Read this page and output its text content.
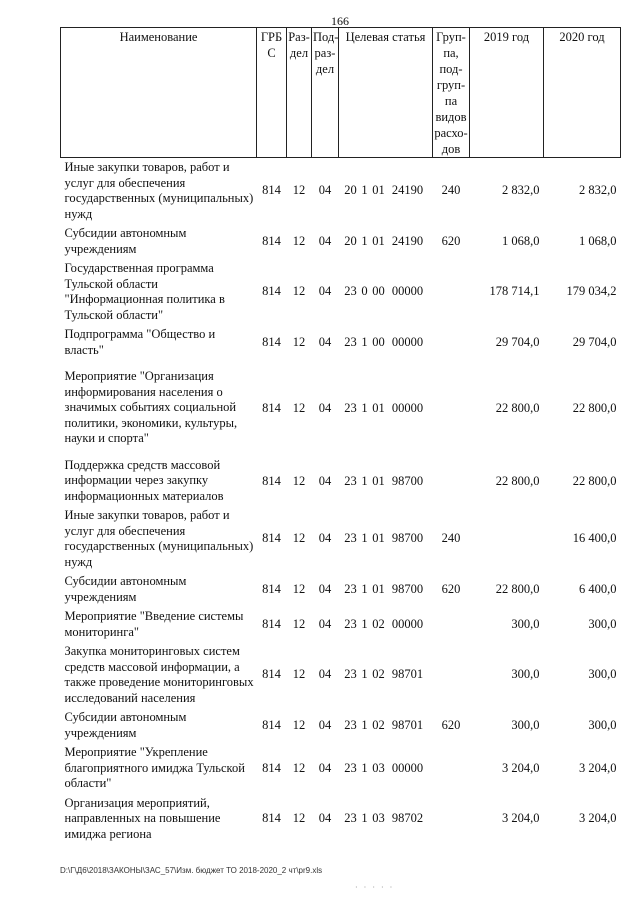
166
Наименование	ГРБ С	Раз-дел	Под-раз-дел	Целевая статья	Груп-па, под-груп-па видов расхо-дов	2019 год	2020 год
Иные закупки товаров, работ и услуг для обеспечения государственных (муниципальных) нужд	814	12	04	20 1 01 24190	240	2 832,0	2 832,0
Субсидии автономным учреждениям	814	12	04	20 1 01 24190	620	1 068,0	1 068,0
Государственная программа Тульской области "Информационная политика в Тульской области"	814	12	04	23 0 00 00000		178 714,1	179 034,2
Подпрограмма "Общество и власть"	814	12	04	23 1 00 00000		29 704,0	29 704,0
Мероприятие "Организация информирования населения о значимых событиях социальной политики, экономики, культуры, науки и спорта"	814	12	04	23 1 01 00000		22 800,0	22 800,0
Поддержка средств массовой информации через закупку информационных материалов	814	12	04	23 1 01 98700		22 800,0	22 800,0
Иные закупки товаров, работ и услуг для обеспечения государственных (муниципальных) нужд	814	12	04	23 1 01 98700	240		16 400,0
Субсидии автономным учреждениям	814	12	04	23 1 01 98700	620	22 800,0	6 400,0
Мероприятие "Введение системы мониторинга"	814	12	04	23 1 02 00000		300,0	300,0
Закупка мониторинговых систем средств массовой информации, а также проведение мониторинговых исследований населения	814	12	04	23 1 02 98701		300,0	300,0
Субсидии автономным учреждениям	814	12	04	23 1 02 98701	620	300,0	300,0
Мероприятие "Укрепление благоприятного имиджа Тульской области"	814	12	04	23 1 03 00000		3 204,0	3 204,0
Организация мероприятий, направленных на повышение имиджа региона	814	12	04	23 1 03 98702		3 204,0	3 204,0
D:\Г\Д6\2018\ЗАКОНЫ\ЗАС_57\Изм. бюджет ТО 2018-2020_2 чт\pr9.xls
· · · · ·
